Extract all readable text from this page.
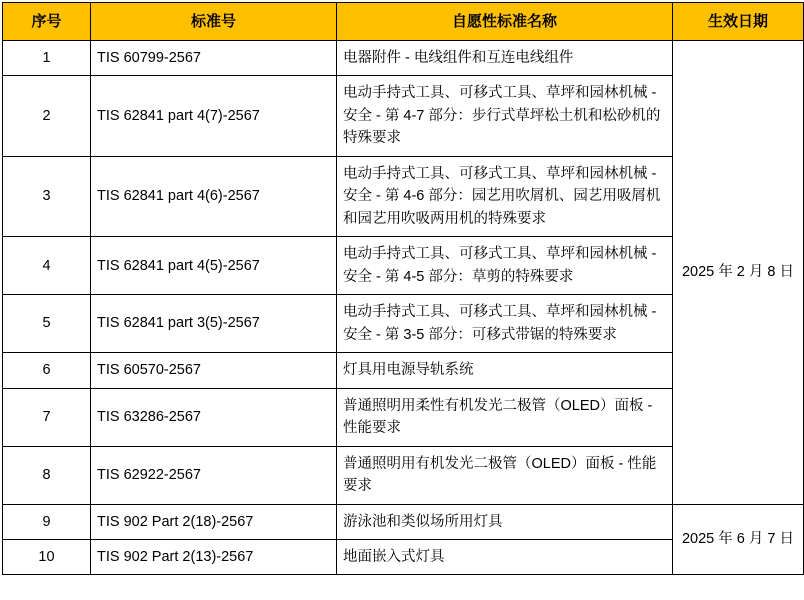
序号	标准号	自愿性标准名称	生效日期
1	TIS 60799-2567	电器附件 - 电线组件和互连电线组件	2025 年 2 月 8 日
2	TIS 62841 part 4(7)-2567	电动手持式工具、可移式工具、草坪和园林机械 - 安全 - 第 4-7 部分：步行式草坪松土机和松砂机的特殊要求	
3	TIS 62841 part 4(6)-2567	电动手持式工具、可移式工具、草坪和园林机械 - 安全 - 第 4-6 部分：园艺用吹屑机、园艺用吸屑机和园艺用吹吸两用机的特殊要求	
4	TIS 62841 part 4(5)-2567	电动手持式工具、可移式工具、草坪和园林机械 - 安全 - 第 4-5 部分：草剪的特殊要求	
5	TIS 62841 part 3(5)-2567	电动手持式工具、可移式工具、草坪和园林机械 - 安全 - 第 3-5 部分：可移式带锯的特殊要求	
6	TIS 60570-2567	灯具用电源导轨系统	
7	TIS 63286-2567	普通照明用柔性有机发光二极管（OLED）面板 - 性能要求	
8	TIS 62922-2567	普通照明用有机发光二极管（OLED）面板 - 性能要求	
9	TIS 902 Part 2(18)-2567	游泳池和类似场所用灯具	2025 年 6 月 7 日
10	TIS 902 Part 2(13)-2567	地面嵌入式灯具	
